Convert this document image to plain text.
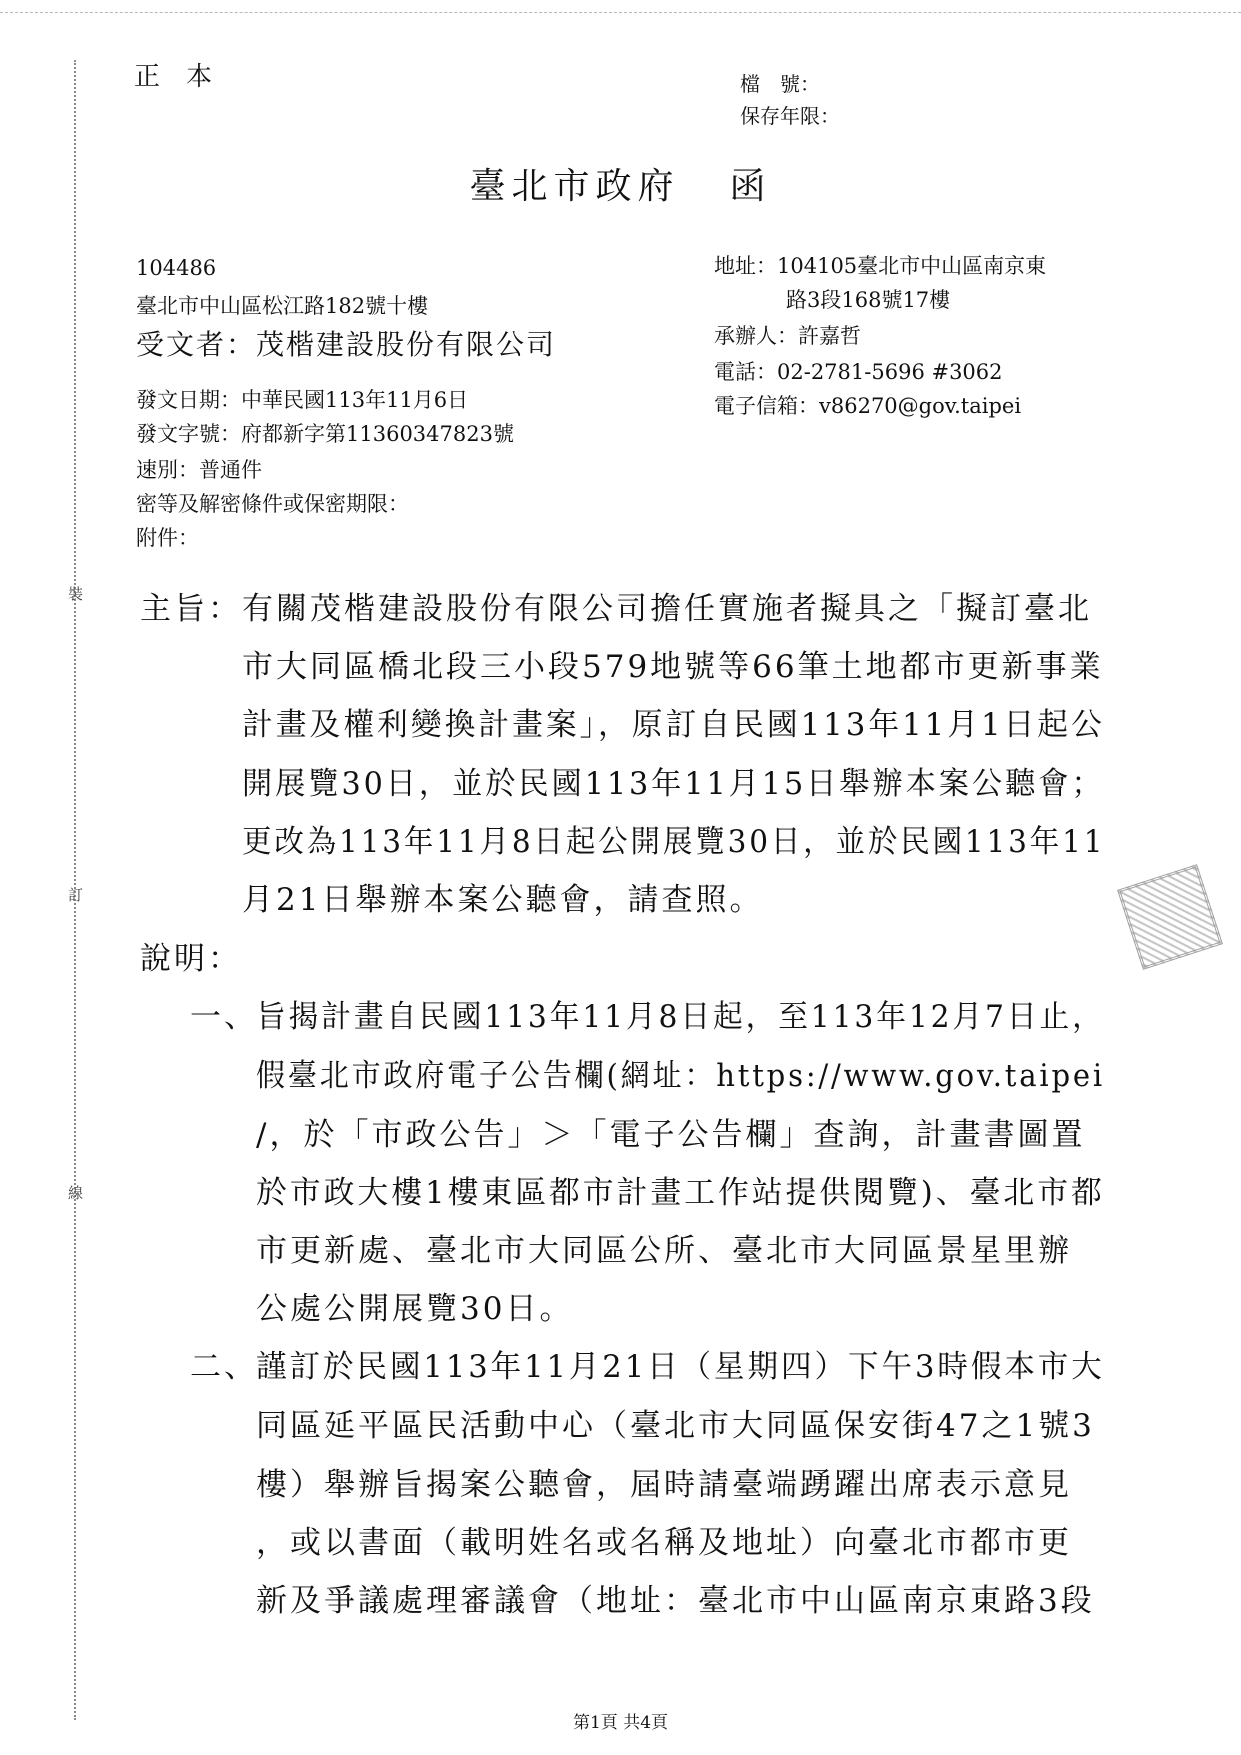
裝
訂
線
正本	檔　號：
保存年限：
臺北市政府 函
104486
臺北市中山區松江路182號十樓
受文者：茂楷建設股份有限公司
地址：104105臺北市中山區南京東
路3段168號17樓
承辦人：許嘉哲
電話：02-2781-5696 #3062
電子信箱：v86270@gov.taipei
發文日期：中華民國113年11月6日
發文字號：府都新字第11360347823號
速別：普通件
密等及解密條件或保密期限：
附件：
主旨： 有關茂楷建設股份有限公司擔任實施者擬具之「擬訂臺北
市大同區橋北段三小段579地號等66筆土地都市更新事業
計畫及權利變換計畫案」，原訂自民國113年11月1日起公
開展覽30日，並於民國113年11月15日舉辦本案公聽會；
更改為113年11月8日起公開展覽30日，並於民國113年11
月21日舉辦本案公聽會，請查照。
說明：
一、
旨揭計畫自民國113年11月8日起，至113年12月7日止，
假臺北市政府電子公告欄(網址：https://www.gov.taipei
/，於「市政公告」＞「電子公告欄」查詢，計畫書圖置
於市政大樓1樓東區都市計畫工作站提供閱覽)、臺北市都
市更新處、臺北市大同區公所、臺北市大同區景星里辦
公處公開展覽30日。
二、
謹訂於民國113年11月21日（星期四）下午3時假本市大
同區延平區民活動中心（臺北市大同區保安街47之1號3
樓）舉辦旨揭案公聽會，屆時請臺端踴躍出席表示意見
，或以書面（載明姓名或名稱及地址）向臺北市都市更
新及爭議處理審議會（地址：臺北市中山區南京東路3段
第1頁 共4頁
